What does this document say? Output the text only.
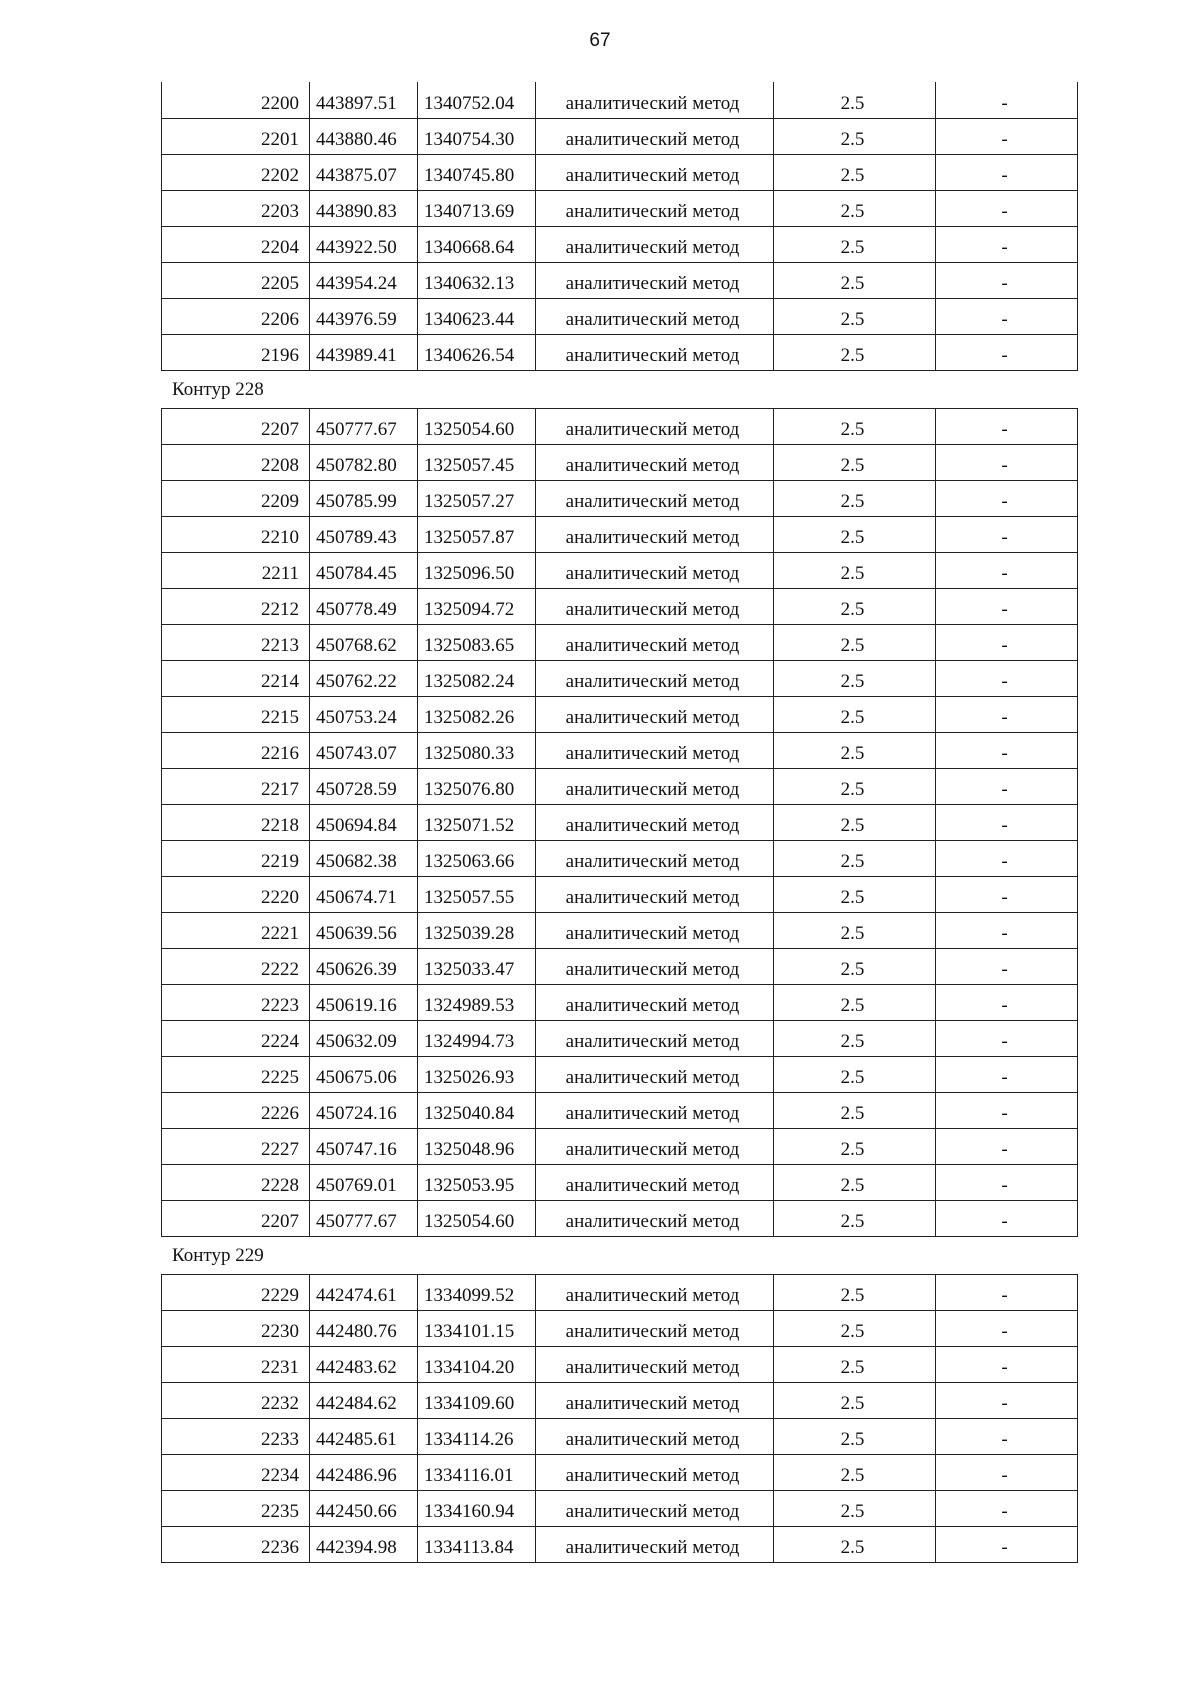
67
2200	443897.51	1340752.04	аналитический метод	2.5	-
2201	443880.46	1340754.30	аналитический метод	2.5	-
2202	443875.07	1340745.80	аналитический метод	2.5	-
2203	443890.83	1340713.69	аналитический метод	2.5	-
2204	443922.50	1340668.64	аналитический метод	2.5	-
2205	443954.24	1340632.13	аналитический метод	2.5	-
2206	443976.59	1340623.44	аналитический метод	2.5	-
2196	443989.41	1340626.54	аналитический метод	2.5	-
Контур 228
2207	450777.67	1325054.60	аналитический метод	2.5	-
2208	450782.80	1325057.45	аналитический метод	2.5	-
2209	450785.99	1325057.27	аналитический метод	2.5	-
2210	450789.43	1325057.87	аналитический метод	2.5	-
2211	450784.45	1325096.50	аналитический метод	2.5	-
2212	450778.49	1325094.72	аналитический метод	2.5	-
2213	450768.62	1325083.65	аналитический метод	2.5	-
2214	450762.22	1325082.24	аналитический метод	2.5	-
2215	450753.24	1325082.26	аналитический метод	2.5	-
2216	450743.07	1325080.33	аналитический метод	2.5	-
2217	450728.59	1325076.80	аналитический метод	2.5	-
2218	450694.84	1325071.52	аналитический метод	2.5	-
2219	450682.38	1325063.66	аналитический метод	2.5	-
2220	450674.71	1325057.55	аналитический метод	2.5	-
2221	450639.56	1325039.28	аналитический метод	2.5	-
2222	450626.39	1325033.47	аналитический метод	2.5	-
2223	450619.16	1324989.53	аналитический метод	2.5	-
2224	450632.09	1324994.73	аналитический метод	2.5	-
2225	450675.06	1325026.93	аналитический метод	2.5	-
2226	450724.16	1325040.84	аналитический метод	2.5	-
2227	450747.16	1325048.96	аналитический метод	2.5	-
2228	450769.01	1325053.95	аналитический метод	2.5	-
2207	450777.67	1325054.60	аналитический метод	2.5	-
Контур 229
2229	442474.61	1334099.52	аналитический метод	2.5	-
2230	442480.76	1334101.15	аналитический метод	2.5	-
2231	442483.62	1334104.20	аналитический метод	2.5	-
2232	442484.62	1334109.60	аналитический метод	2.5	-
2233	442485.61	1334114.26	аналитический метод	2.5	-
2234	442486.96	1334116.01	аналитический метод	2.5	-
2235	442450.66	1334160.94	аналитический метод	2.5	-
2236	442394.98	1334113.84	аналитический метод	2.5	-
